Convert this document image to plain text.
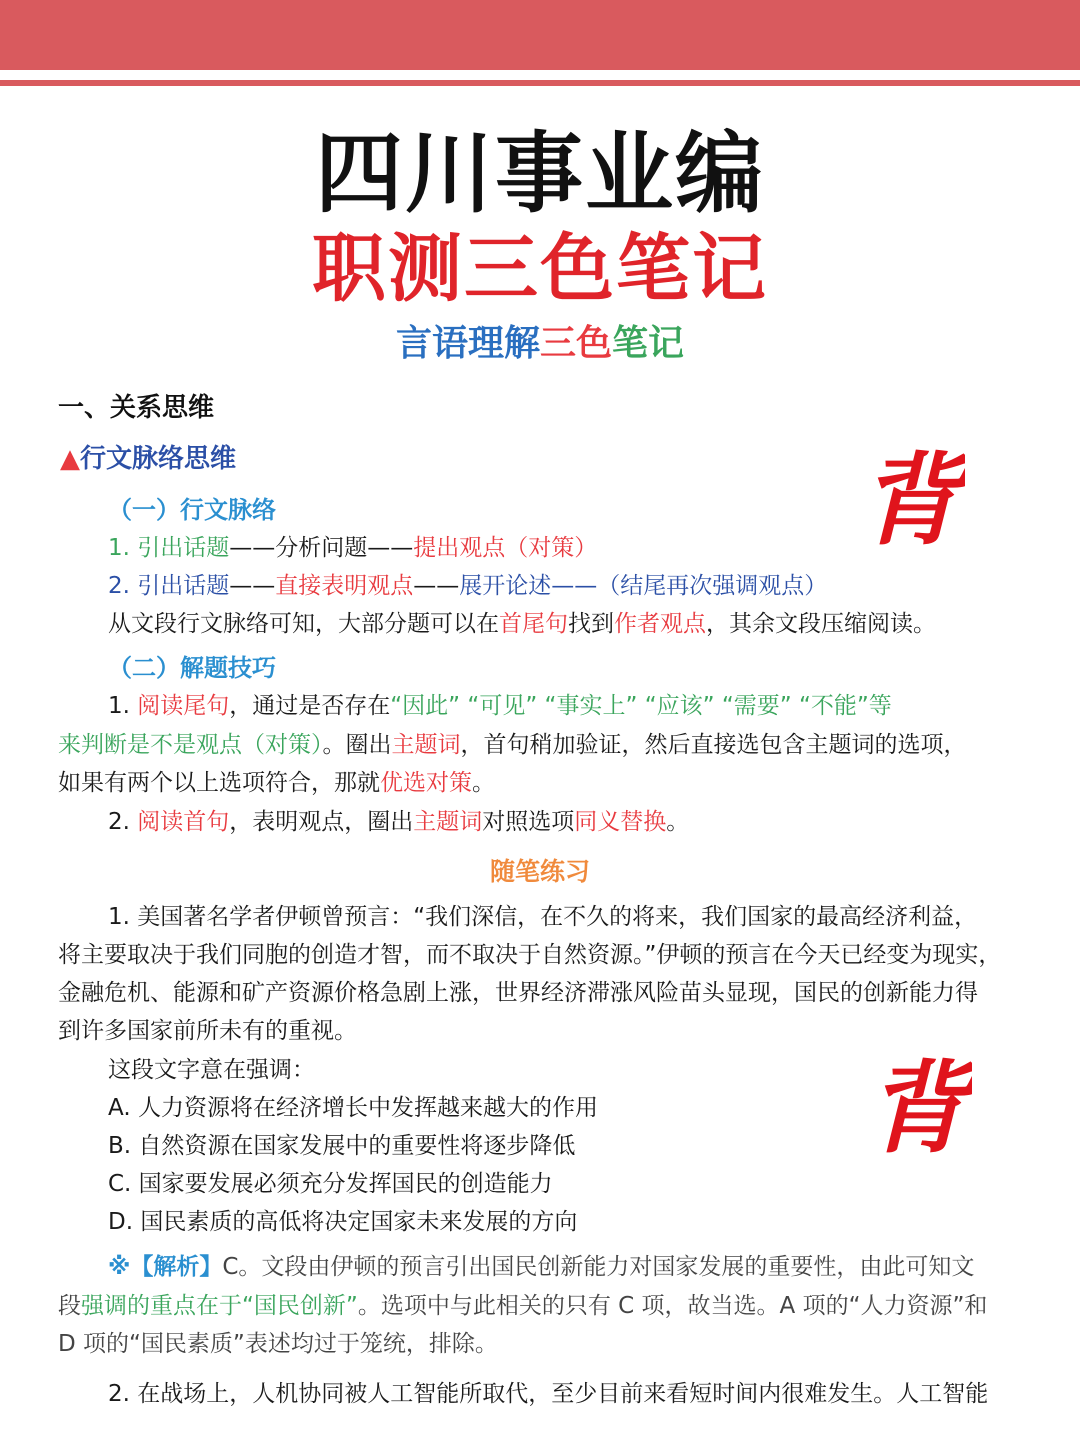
四川事业编
职测三色笔记
言语理解三色笔记
一、关系思维
▲行文脉络思维	背
（一）行文脉络
1. 引出话题——分析问题——提出观点（对策）
2. 引出话题——直接表明观点——展开论述——（结尾再次强调观点）
从文段行文脉络可知，大部分题可以在首尾句找到作者观点，其余文段压缩阅读。
（二）解题技巧
1. 阅读尾句，通过是否存在“因此” “可见” “事实上” “应该” “需要” “不能”等
来判断是不是观点（对策）。圈出主题词，首句稍加验证，然后直接选包含主题词的选项，
如果有两个以上选项符合，那就优选对策。
2. 阅读首句，表明观点，圈出主题词对照选项同义替换。
随笔练习
1. 美国著名学者伊顿曾预言：“我们深信，在不久的将来，我们国家的最高经济利益，
将主要取决于我们同胞的创造才智，而不取决于自然资源。”伊顿的预言在今天已经变为现实，
金融危机、能源和矿产资源价格急剧上涨，世界经济滞涨风险苗头显现，国民的创新能力得
到许多国家前所未有的重视。
这段文字意在强调：
A. 人力资源将在经济增长中发挥越来越大的作用
B. 自然资源在国家发展中的重要性将逐步降低
C. 国家要发展必须充分发挥国民的创造能力
D. 国民素质的高低将决定国家未来发展的方向
背
※【解析】C。文段由伊顿的预言引出国民创新能力对国家发展的重要性，由此可知文
段强调的重点在于“国民创新”。选项中与此相关的只有 C 项，故当选。A 项的“人力资源”和
D 项的“国民素质”表述均过于笼统，排除。
2. 在战场上，人机协同被人工智能所取代，至少目前来看短时间内很难发生。人工智能
